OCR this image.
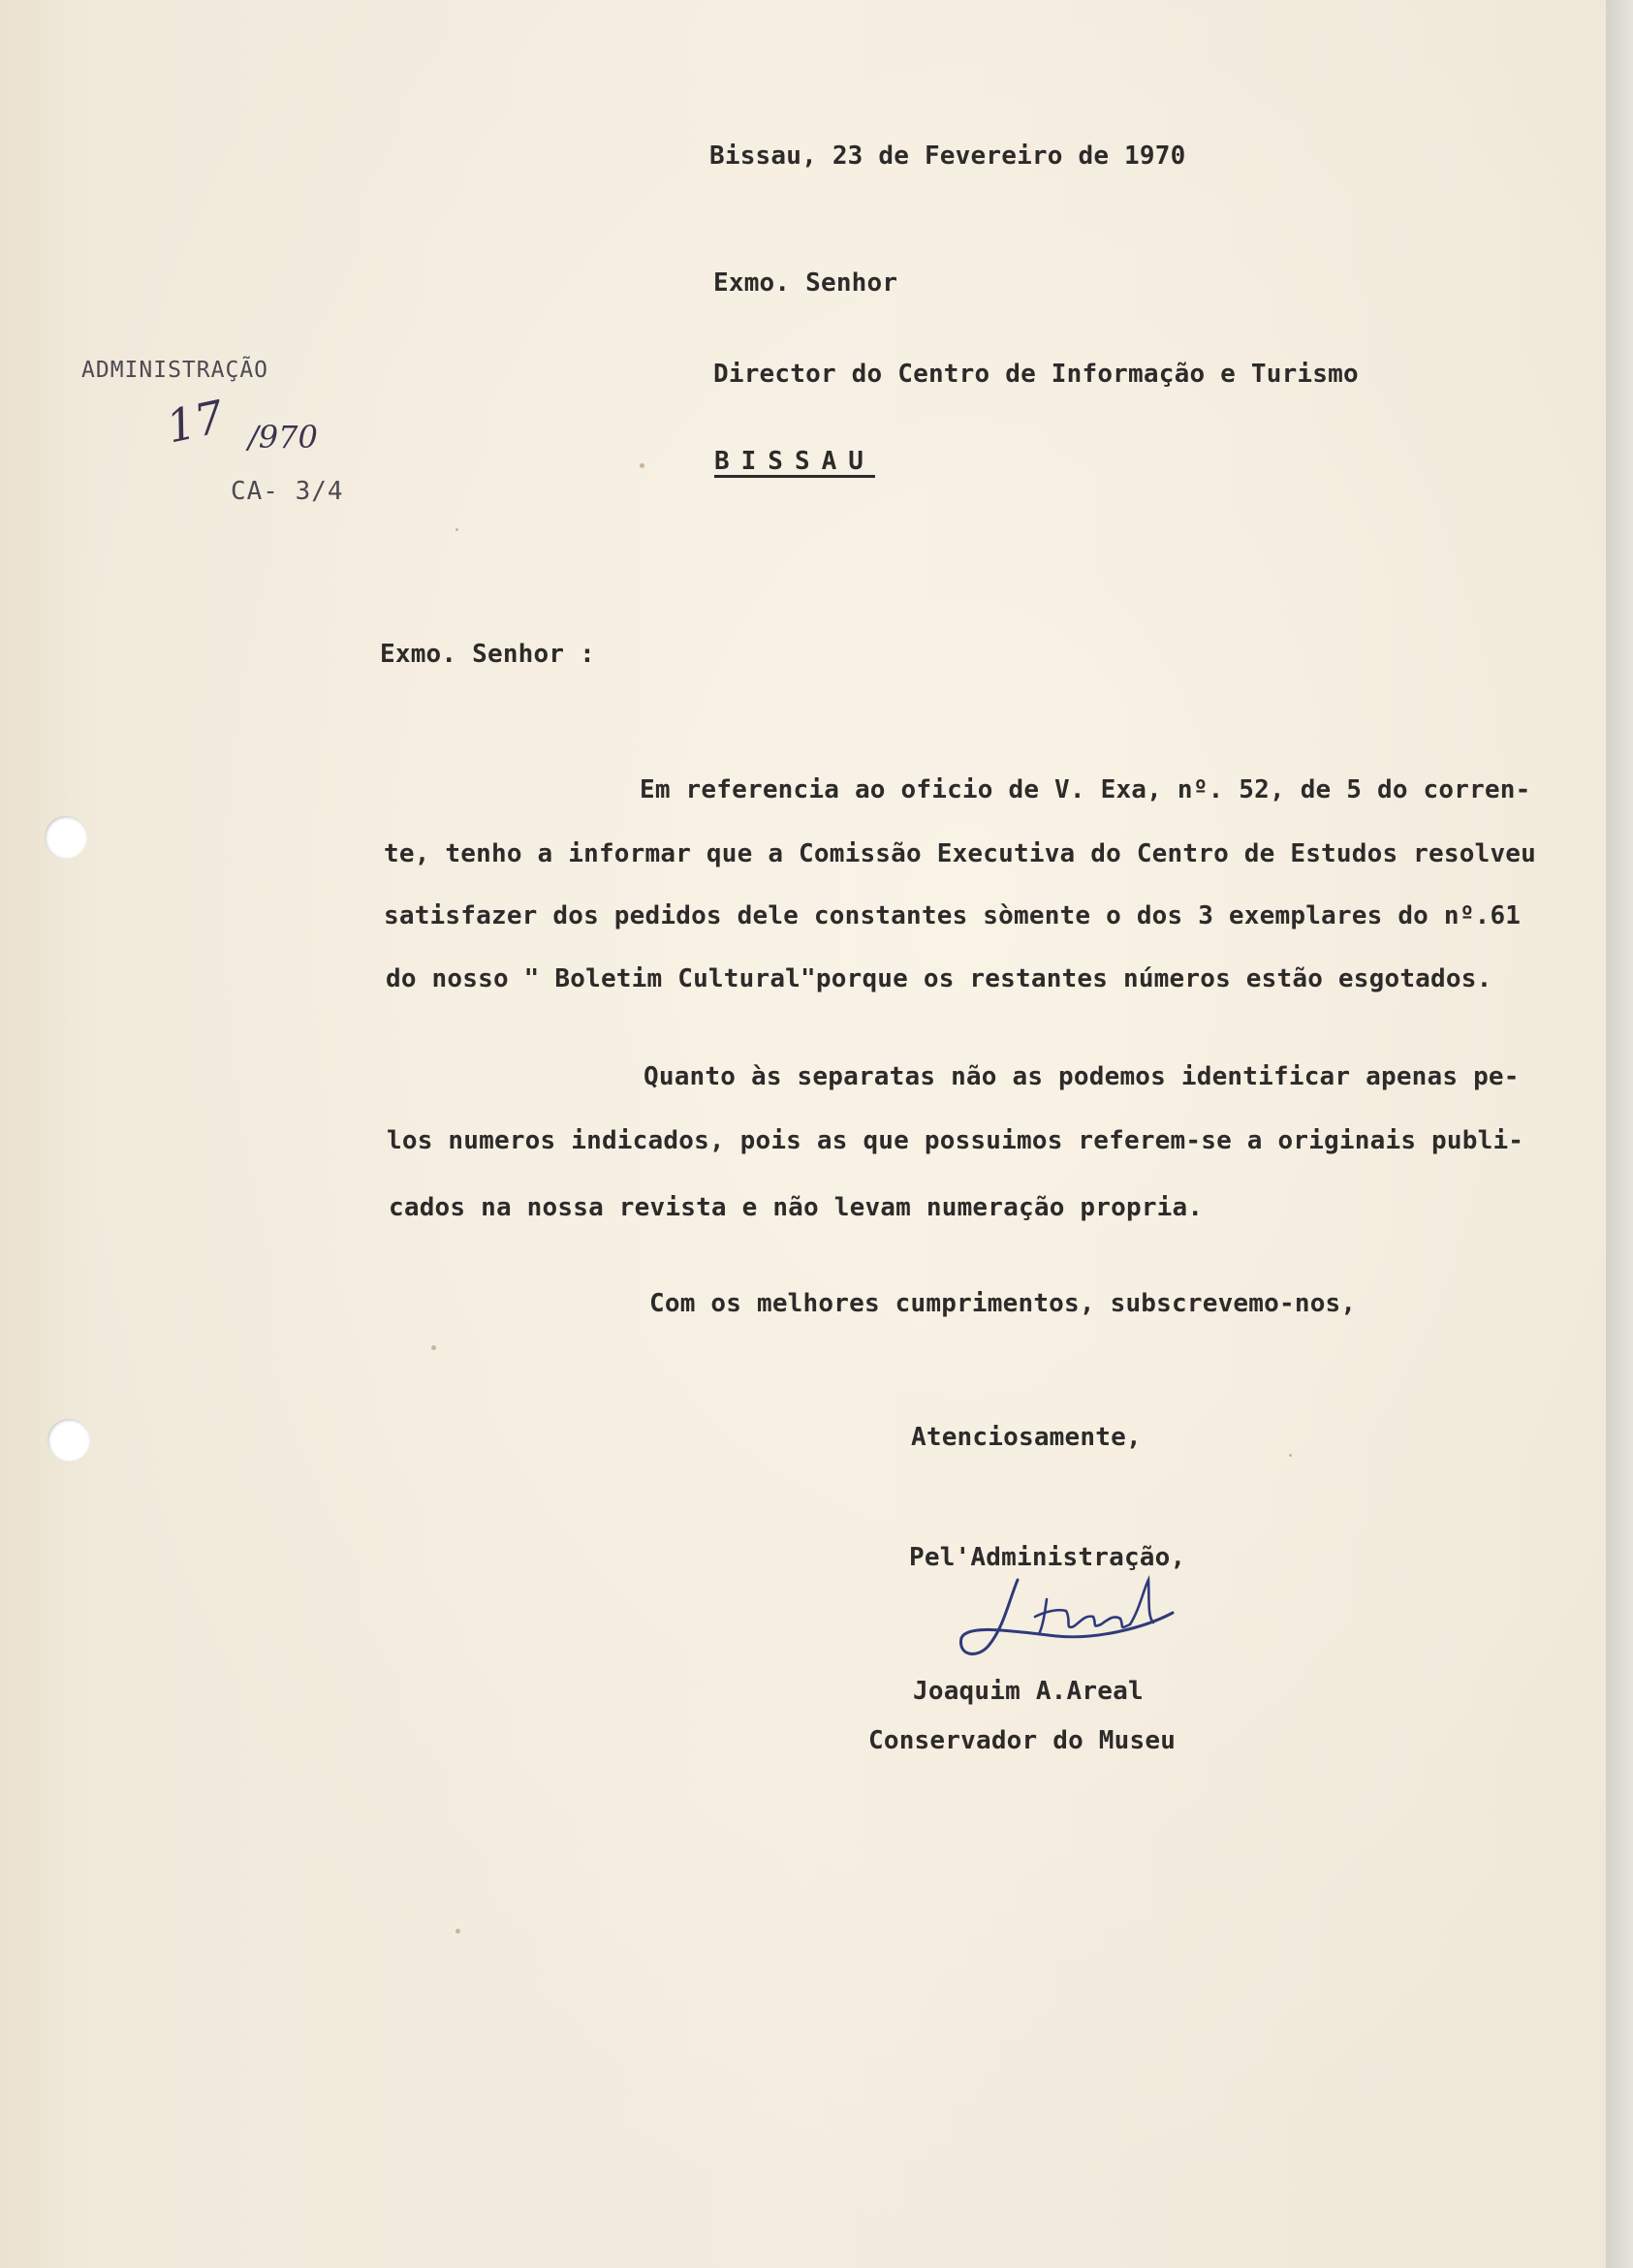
Bissau, 23 de Fevereiro de 1970
Exmo. Senhor
Director do Centro de Informação e Turismo
BISSAU
ADMINISTRAÇÃO
17 /970
CA- 3/4
Exmo. Senhor :
Em referencia ao oficio de V. Exa, nº. 52, de 5 do corren-
te, tenho a informar que a Comissão Executiva do Centro de Estudos resolveu
satisfazer dos pedidos dele constantes sòmente o dos 3 exemplares do nº.61
do nosso " Boletim Cultural"porque os restantes números estão esgotados.
Quanto às separatas não as podemos identificar apenas pe-
los numeros indicados, pois as que possuimos referem-se a originais publi-
cados na nossa revista e não levam numeração propria.
Com os melhores cumprimentos, subscrevemo-nos,
Atenciosamente,
Pel'Administração,
Joaquim A.Areal
Conservador do Museu
